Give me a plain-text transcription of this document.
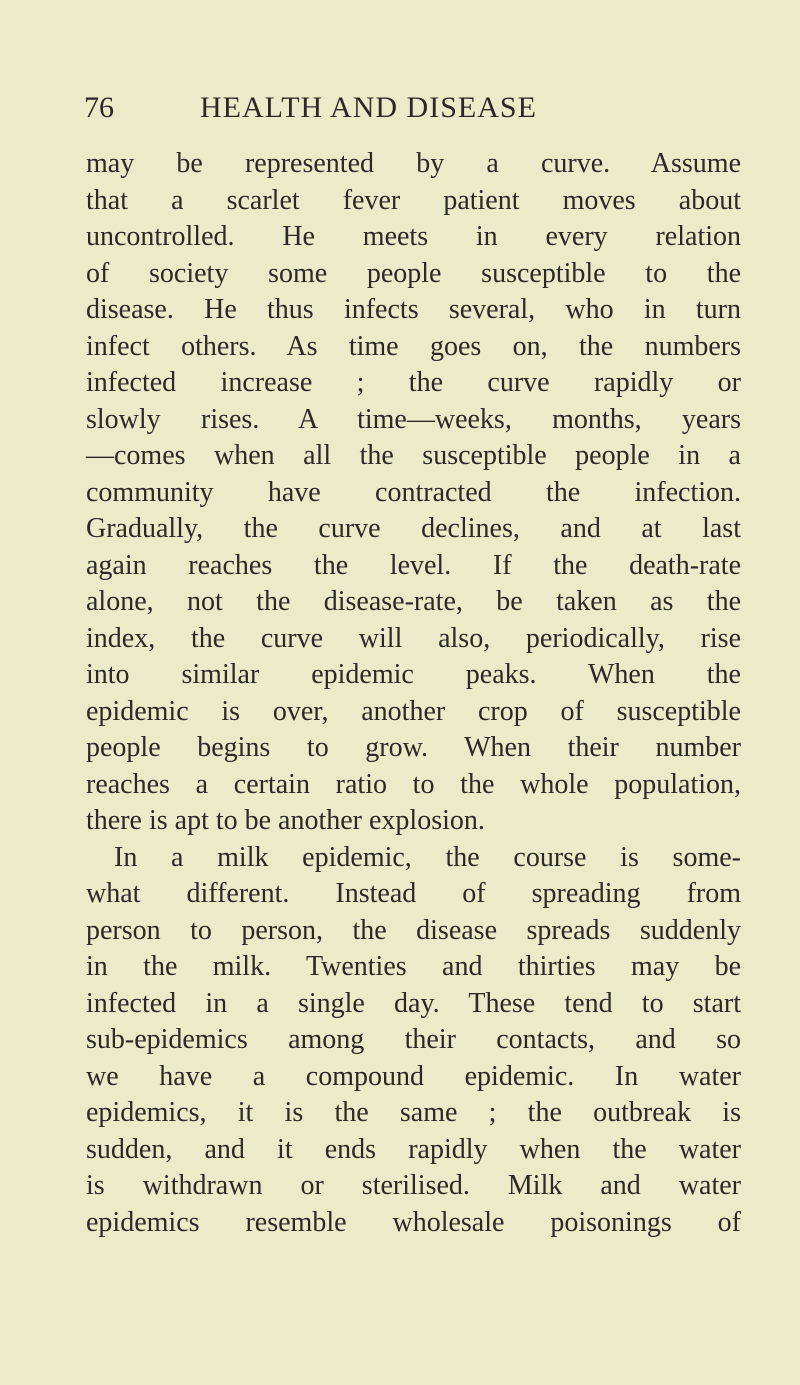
76	HEALTH AND DISEASE
may be represented by a curve. Assume
that a scarlet fever patient moves about
uncontrolled. He meets in every relation
of society some people susceptible to the
disease. He thus infects several, who in turn
infect others. As time goes on, the numbers
infected increase ; the curve rapidly or
slowly rises. A time—weeks, months, years
—comes when all the susceptible people in a
community have contracted the infection.
Gradually, the curve declines, and at last
again reaches the level. If the death-rate
alone, not the disease-rate, be taken as the
index, the curve will also, periodically, rise
into similar epidemic peaks. When the
epidemic is over, another crop of susceptible
people begins to grow. When their number
reaches a certain ratio to the whole population,
there is apt to be another explosion.
In a milk epidemic, the course is some-
what different. Instead of spreading from
person to person, the disease spreads suddenly
in the milk. Twenties and thirties may be
infected in a single day. These tend to start
sub-epidemics among their contacts, and so
we have a compound epidemic. In water
epidemics, it is the same ; the outbreak is
sudden, and it ends rapidly when the water
is withdrawn or sterilised. Milk and water
epidemics resemble wholesale poisonings of
